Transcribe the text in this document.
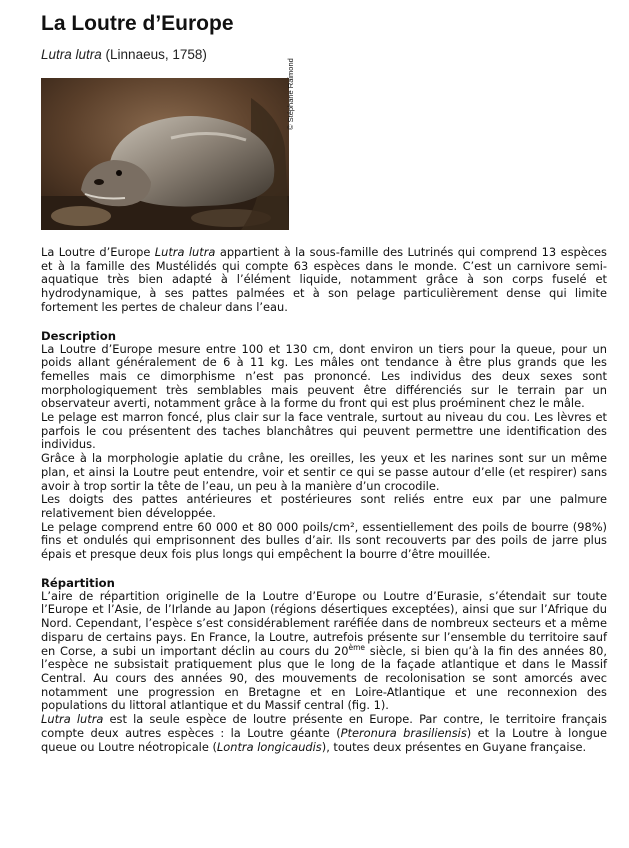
La Loutre d’Europe

Lutra lutra (Linnaeus, 1758)

© Stéphane Raimond

La Loutre d’Europe Lutra lutra appartient à la sous-famille des Lutrinés qui comprend 13 espèces et à la famille des Mustélidés qui compte 63 espèces dans le monde. C’est un carnivore semi-aquatique très bien adapté à l’élément liquide, notamment grâce à son corps fuselé et hydrodynamique, à ses pattes palmées et à son pelage particulièrement dense qui limite fortement les pertes de chaleur dans l’eau.

Description

La Loutre d’Europe mesure entre 100 et 130 cm, dont environ un tiers pour la queue, pour un poids allant généralement de 6 à 11 kg. Les mâles ont tendance à être plus grands que les femelles mais ce dimorphisme n’est pas prononcé. Les individus des deux sexes sont morphologiquement très semblables mais peuvent être différenciés sur le terrain par un observateur averti, notamment grâce à la forme du front qui est plus proéminent chez le mâle.

Le pelage est marron foncé, plus clair sur la face ventrale, surtout au niveau du cou. Les lèvres et parfois le cou présentent des taches blanchâtres qui peuvent permettre une identification des individus.

Grâce à la morphologie aplatie du crâne, les oreilles, les yeux et les narines sont sur un même plan, et ainsi la Loutre peut entendre, voir et sentir ce qui se passe autour d’elle (et respirer) sans avoir à trop sortir la tête de l’eau, un peu à la manière d’un crocodile.

Les doigts des pattes antérieures et postérieures sont reliés entre eux par une palmure relativement bien développée.

Le pelage comprend entre 60 000 et 80 000 poils/cm², essentiellement des poils de bourre (98%) fins et ondulés qui emprisonnent des bulles d’air. Ils sont recouverts par des poils de jarre plus épais et presque deux fois plus longs qui empêchent la bourre d’être mouillée.

Répartition

L’aire de répartition originelle de la Loutre d’Europe ou Loutre d’Eurasie, s’étendait sur toute l’Europe et l’Asie, de l’Irlande au Japon (régions désertiques exceptées), ainsi que sur l’Afrique du Nord. Cependant, l’espèce s’est considérablement raréfiée dans de nombreux secteurs et a même disparu de certains pays. En France, la Loutre, autrefois présente sur l’ensemble du territoire sauf en Corse, a subi un important déclin au cours du 20ème siècle, si bien qu’à la fin des années 80, l’espèce ne subsistait pratiquement plus que le long de la façade atlantique et dans le Massif Central. Au cours des années 90, des mouvements de recolonisation se sont amorcés avec notamment une progression en Bretagne et en Loire-Atlantique et une reconnexion des populations du littoral atlantique et du Massif central (fig. 1).

Lutra lutra est la seule espèce de loutre présente en Europe. Par contre, le territoire français compte deux autres espèces : la Loutre géante (Pteronura brasiliensis) et la Loutre à longue queue ou Loutre néotropicale (Lontra longicaudis), toutes deux présentes en Guyane française.
